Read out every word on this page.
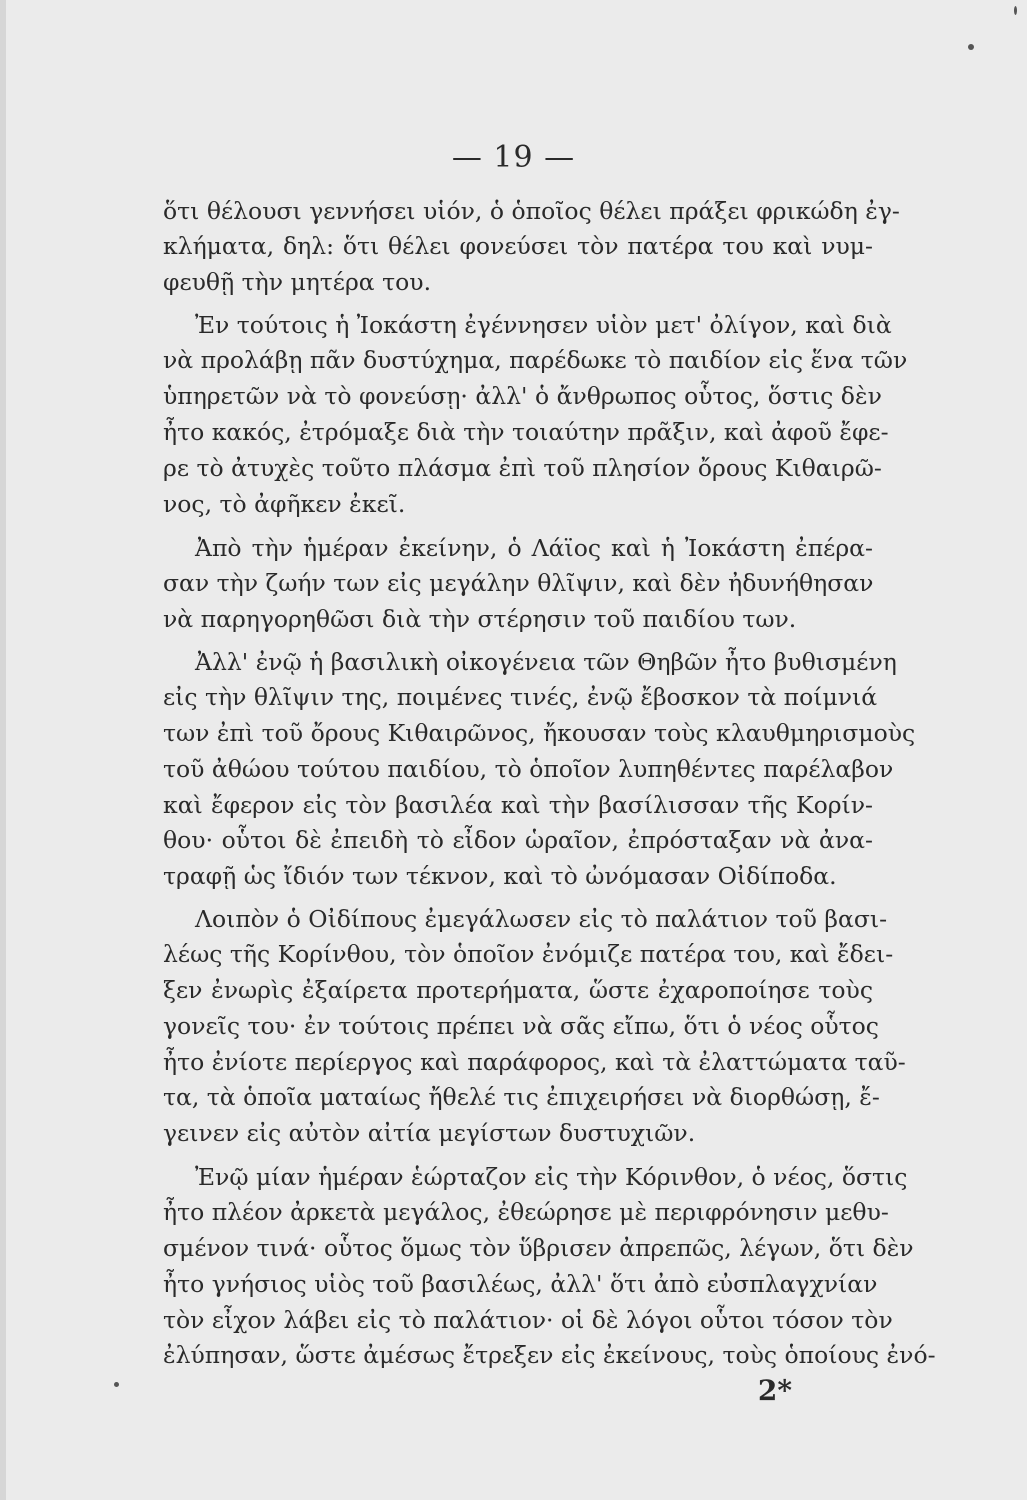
— 19 —
ὅτι θέλουσι γεννήσει υἱόν, ὁ ὁποῖος θέλει πράξει φρικώδη ἐγ-
κλήματα, δηλ: ὅτι θέλει φονεύσει τὸν πατέρα του καὶ νυμ-
φευθῇ τὴν μητέρα του.
Ἐν τούτοις ἡ Ἰοκάστη ἐγέννησεν υἱὸν μετ' ὀλίγον, καὶ διὰ
νὰ προλάβῃ πᾶν δυστύχημα, παρέδωκε τὸ παιδίον εἰς ἕνα τῶν
ὑπηρετῶν νὰ τὸ φονεύσῃ· ἀλλ' ὁ ἄνθρωπος οὗτος, ὅστις δὲν
ἦτο κακός, ἐτρόμαξε διὰ τὴν τοιαύτην πρᾶξιν, καὶ ἀφοῦ ἔφε-
ρε τὸ ἀτυχὲς τοῦτο πλάσμα ἐπὶ τοῦ πλησίον ὄρους Κιθαιρῶ-
νος, τὸ ἀφῆκεν ἐκεῖ.
Ἀπὸ τὴν ἡμέραν ἐκείνην, ὁ Λάϊος καὶ ἡ Ἰοκάστη ἐπέρα-
σαν τὴν ζωήν των εἰς μεγάλην θλῖψιν, καὶ δὲν ἠδυνήθησαν
νὰ παρηγορηθῶσι διὰ τὴν στέρησιν τοῦ παιδίου των.
Ἀλλ' ἐνῷ ἡ βασιλικὴ οἰκογένεια τῶν Θηβῶν ἦτο βυθισμένη
εἰς τὴν θλῖψιν της, ποιμένες τινές, ἐνῷ ἔβοσκον τὰ ποίμνιά
των ἐπὶ τοῦ ὄρους Κιθαιρῶνος, ἤκουσαν τοὺς κλαυθμηρισμοὺς
τοῦ ἀθώου τούτου παιδίου, τὸ ὁποῖον λυπηθέντες παρέλαβον
καὶ ἔφερον εἰς τὸν βασιλέα καὶ τὴν βασίλισσαν τῆς Κορίν-
θου· οὗτοι δὲ ἐπειδὴ τὸ εἶδον ὡραῖον, ἐπρόσταξαν νὰ ἀνα-
τραφῇ ὡς ἴδιόν των τέκνον, καὶ τὸ ὠνόμασαν Οἰδίποδα.
Λοιπὸν ὁ Οἰδίπους ἐμεγάλωσεν εἰς τὸ παλάτιον τοῦ βασι-
λέως τῆς Κορίνθου, τὸν ὁποῖον ἐνόμιζε πατέρα του, καὶ ἔδει-
ξεν ἐνωρὶς ἐξαίρετα προτερήματα, ὥστε ἐχαροποίησε τοὺς
γονεῖς του· ἐν τούτοις πρέπει νὰ σᾶς εἴπω, ὅτι ὁ νέος οὗτος
ἦτο ἐνίοτε περίεργος καὶ παράφορος, καὶ τὰ ἐλαττώματα ταῦ-
τα, τὰ ὁποῖα ματαίως ἤθελέ τις ἐπιχειρήσει νὰ διορθώσῃ, ἔ-
γεινεν εἰς αὐτὸν αἰτία μεγίστων δυστυχιῶν.
Ἐνῷ μίαν ἡμέραν ἑώρταζον εἰς τὴν Κόρινθον, ὁ νέος, ὅστις
ἦτο πλέον ἀρκετὰ μεγάλος, ἐθεώρησε μὲ περιφρόνησιν μεθυ-
σμένον τινά· οὗτος ὅμως τὸν ὕβρισεν ἀπρεπῶς, λέγων, ὅτι δὲν
ἦτο γνήσιος υἱὸς τοῦ βασιλέως, ἀλλ' ὅτι ἀπὸ εὐσπλαγχνίαν
τὸν εἶχον λάβει εἰς τὸ παλάτιον· οἱ δὲ λόγοι οὗτοι τόσον τὸν
ἐλύπησαν, ὥστε ἀμέσως ἔτρεξεν εἰς ἐκείνους, τοὺς ὁποίους ἐνό-
2*
